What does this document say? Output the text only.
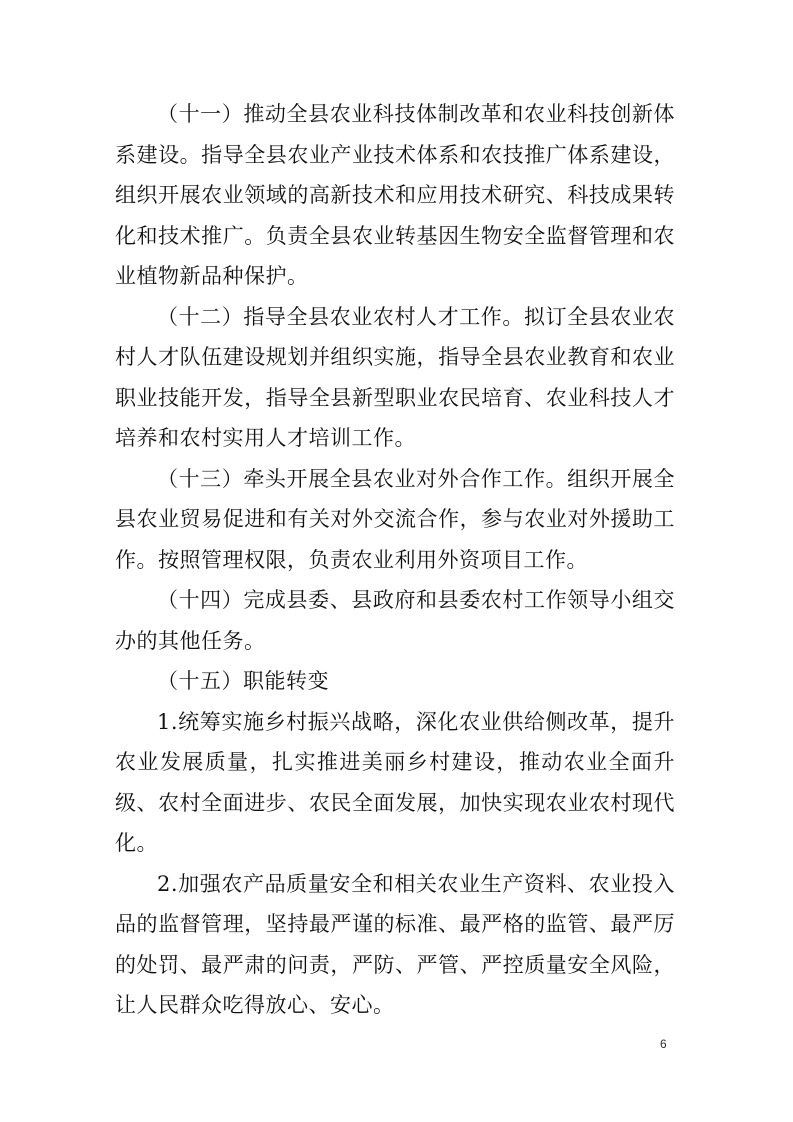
（十一）推动全县农业科技体制改革和农业科技创新体系建设。指导全县农业产业技术体系和农技推广体系建设，组织开展农业领域的高新技术和应用技术研究、科技成果转化和技术推广。负责全县农业转基因生物安全监督管理和农业植物新品种保护。

（十二）指导全县农业农村人才工作。拟订全县农业农村人才队伍建设规划并组织实施，指导全县农业教育和农业职业技能开发，指导全县新型职业农民培育、农业科技人才培养和农村实用人才培训工作。

（十三）牵头开展全县农业对外合作工作。组织开展全县农业贸易促进和有关对外交流合作，参与农业对外援助工作。按照管理权限，负责农业利用外资项目工作。

（十四）完成县委、县政府和县委农村工作领导小组交办的其他任务。

（十五）职能转变

1.统筹实施乡村振兴战略，深化农业供给侧改革，提升农业发展质量，扎实推进美丽乡村建设，推动农业全面升级、农村全面进步、农民全面发展，加快实现农业农村现代化。

2.加强农产品质量安全和相关农业生产资料、农业投入品的监督管理，坚持最严谨的标准、最严格的监管、最严厉的处罚、最严肃的问责，严防、严管、严控质量安全风险，让人民群众吃得放心、安心。

6
